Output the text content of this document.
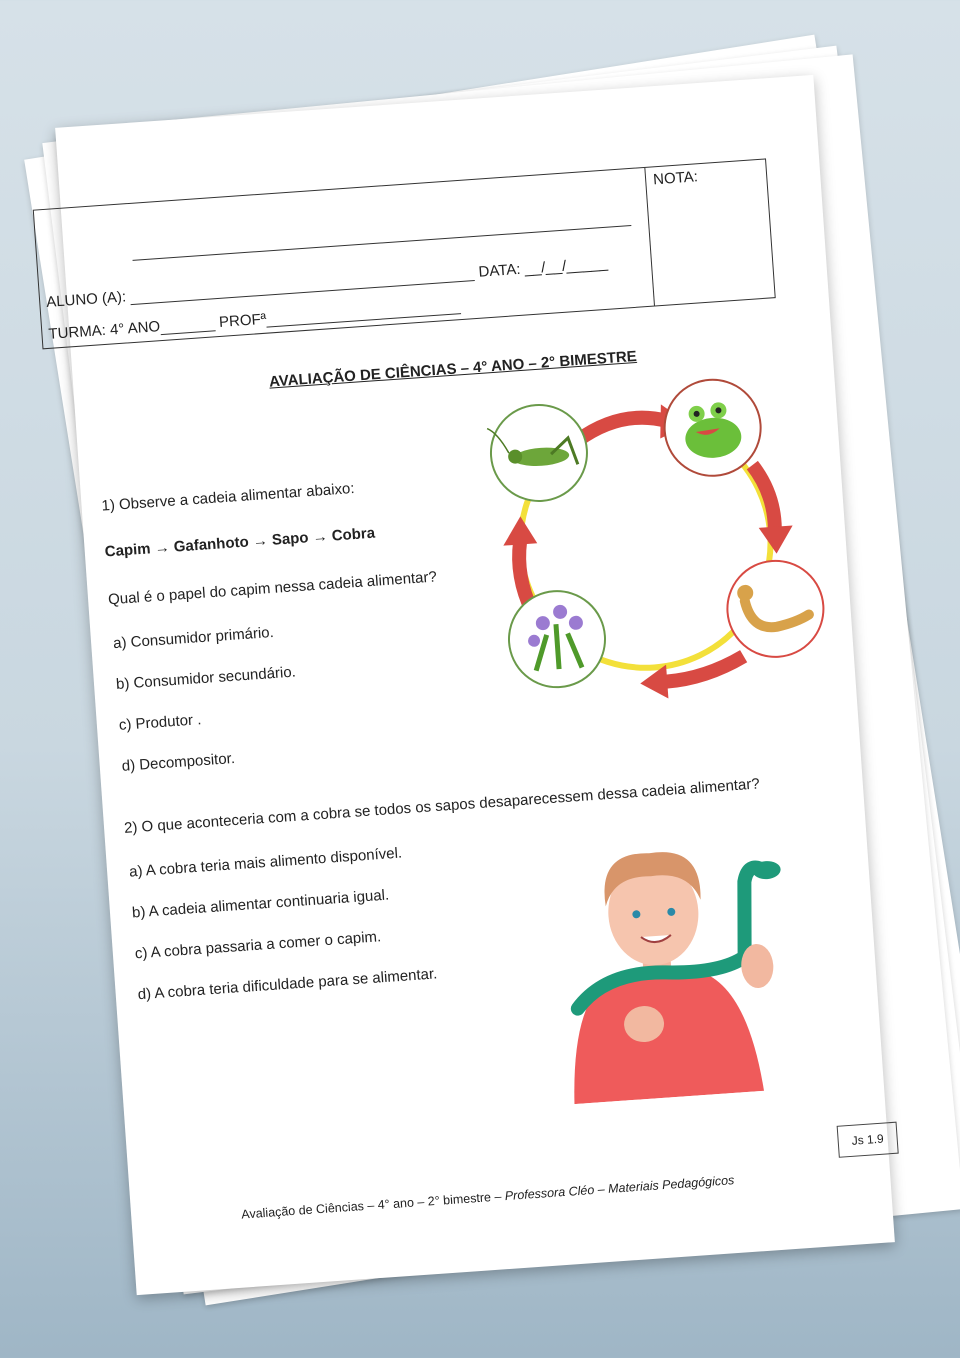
NOTA:
ALUNO (A):  DATA: __/__/_____
TURMA: 4° ANO	PROFª
AVALIAÇÃO DE CIÊNCIAS – 4° ANO – 2° BIMESTRE
1) Observe a cadeia alimentar abaixo:
Capim → Gafanhoto → Sapo → Cobra
Qual é o papel do capim nessa cadeia alimentar?
a) Consumidor primário.
b) Consumidor secundário.
c) Produtor .
d) Decompositor.
2) O que aconteceria com a cobra se todos os sapos desaparecessem dessa cadeia alimentar?
a) A cobra teria mais alimento disponível.
b) A cadeia alimentar continuaria igual.
c) A cobra passaria a comer o capim.
d) A cobra teria dificuldade para se alimentar.
Js 1.9
Avaliação de Ciências – 4° ano – 2° bimestre – Professora Cléo – Materiais Pedagógicos
